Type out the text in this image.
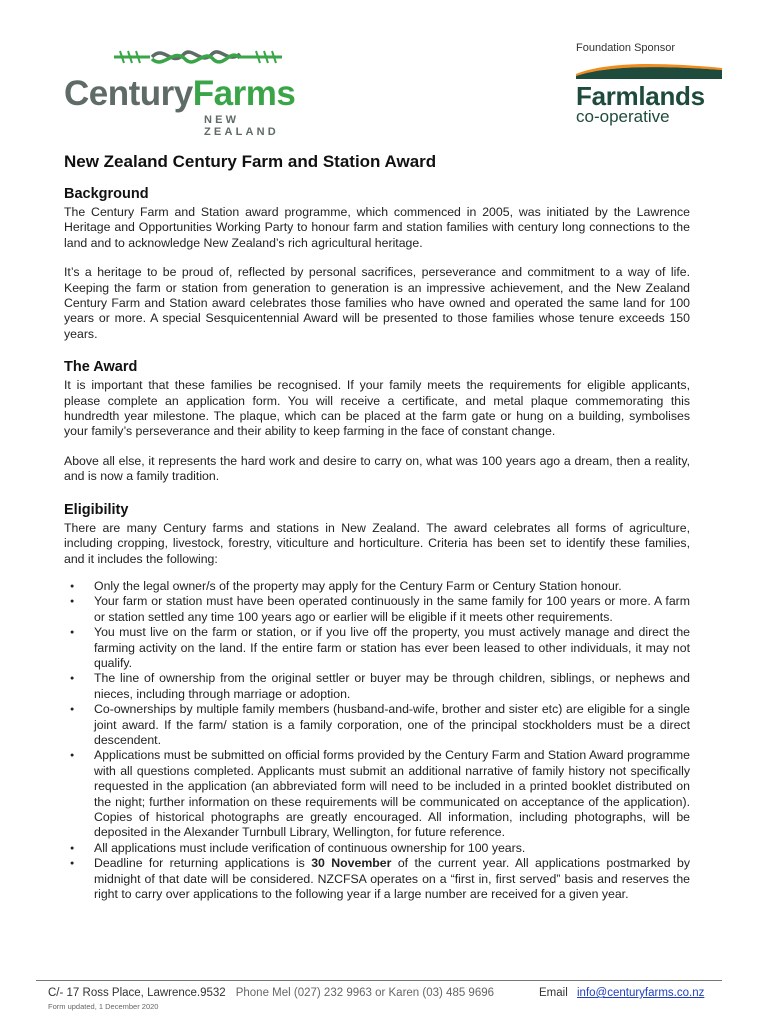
CenturyFarms
NEW ZEALAND
Foundation Sponsor
Farmlands
co-operative
New Zealand Century Farm and Station Award
Background

The Century Farm and Station award programme, which commenced in 2005, was initiated by the Lawrence Heritage and Opportunities Working Party to honour farm and station families with century long connections to the land and to acknowledge New Zealand’s rich agricultural heritage.

It’s a heritage to be proud of, reflected by personal sacrifices, perseverance and commitment to a way of life. Keeping the farm or station from generation to generation is an impressive achievement, and the New Zealand Century Farm and Station award celebrates those families who have owned and operated the same land for 100 years or more. A special Sesquicentennial Award will be presented to those families whose tenure exceeds 150 years.

The Award

It is important that these families be recognised. If your family meets the requirements for eligible applicants, please complete an application form. You will receive a certificate, and metal plaque commemorating this hundredth year milestone. The plaque, which can be placed at the farm gate or hung on a building, symbolises your family’s perseverance and their ability to keep farming in the face of constant change.

Above all else, it represents the hard work and desire to carry on, what was 100 years ago a dream, then a reality, and is now a family tradition.

Eligibility

There are many Century farms and stations in New Zealand. The award celebrates all forms of agriculture, including cropping, livestock, forestry, viticulture and horticulture. Criteria has been set to identify these families, and it includes the following:

● Only the legal owner/s of the property may apply for the Century Farm or Century Station honour.
● Your farm or station must have been operated continuously in the same family for 100 years or more. A farm or station settled any time 100 years ago or earlier will be eligible if it meets other requirements.
● You must live on the farm or station, or if you live off the property, you must actively manage and direct the farming activity on the land. If the entire farm or station has ever been leased to other individuals, it may not qualify.
● The line of ownership from the original settler or buyer may be through children, siblings, or nephews and nieces, including through marriage or adoption.
● Co-ownerships by multiple family members (husband-and-wife, brother and sister etc) are eligible for a single joint award. If the farm/ station is a family corporation, one of the principal stockholders must be a direct descendent.
● Applications must be submitted on official forms provided by the Century Farm and Station Award programme with all questions completed. Applicants must submit an additional narrative of family history not specifically requested in the application (an abbreviated form will need to be included in a printed booklet distributed on the night; further information on these requirements will be communicated on acceptance of the application). Copies of historical photographs are greatly encouraged. All information, including photographs, will be deposited in the Alexander Turnbull Library, Wellington, for future reference.
● All applications must include verification of continuous ownership for 100 years.
● Deadline for returning applications is 30 November of the current year. All applications postmarked by midnight of that date will be considered. NZCFSA operates on a “first in, first served” basis and reserves the right to carry over applications to the following year if a large number are received for a given year.
C/- 17 Ross Place, Lawrence.9532 Phone Mel (027) 232 9963 or Karen (03) 485 9696	Email info@centuryfarms.co.nz
Form updated, 1 December 2020
